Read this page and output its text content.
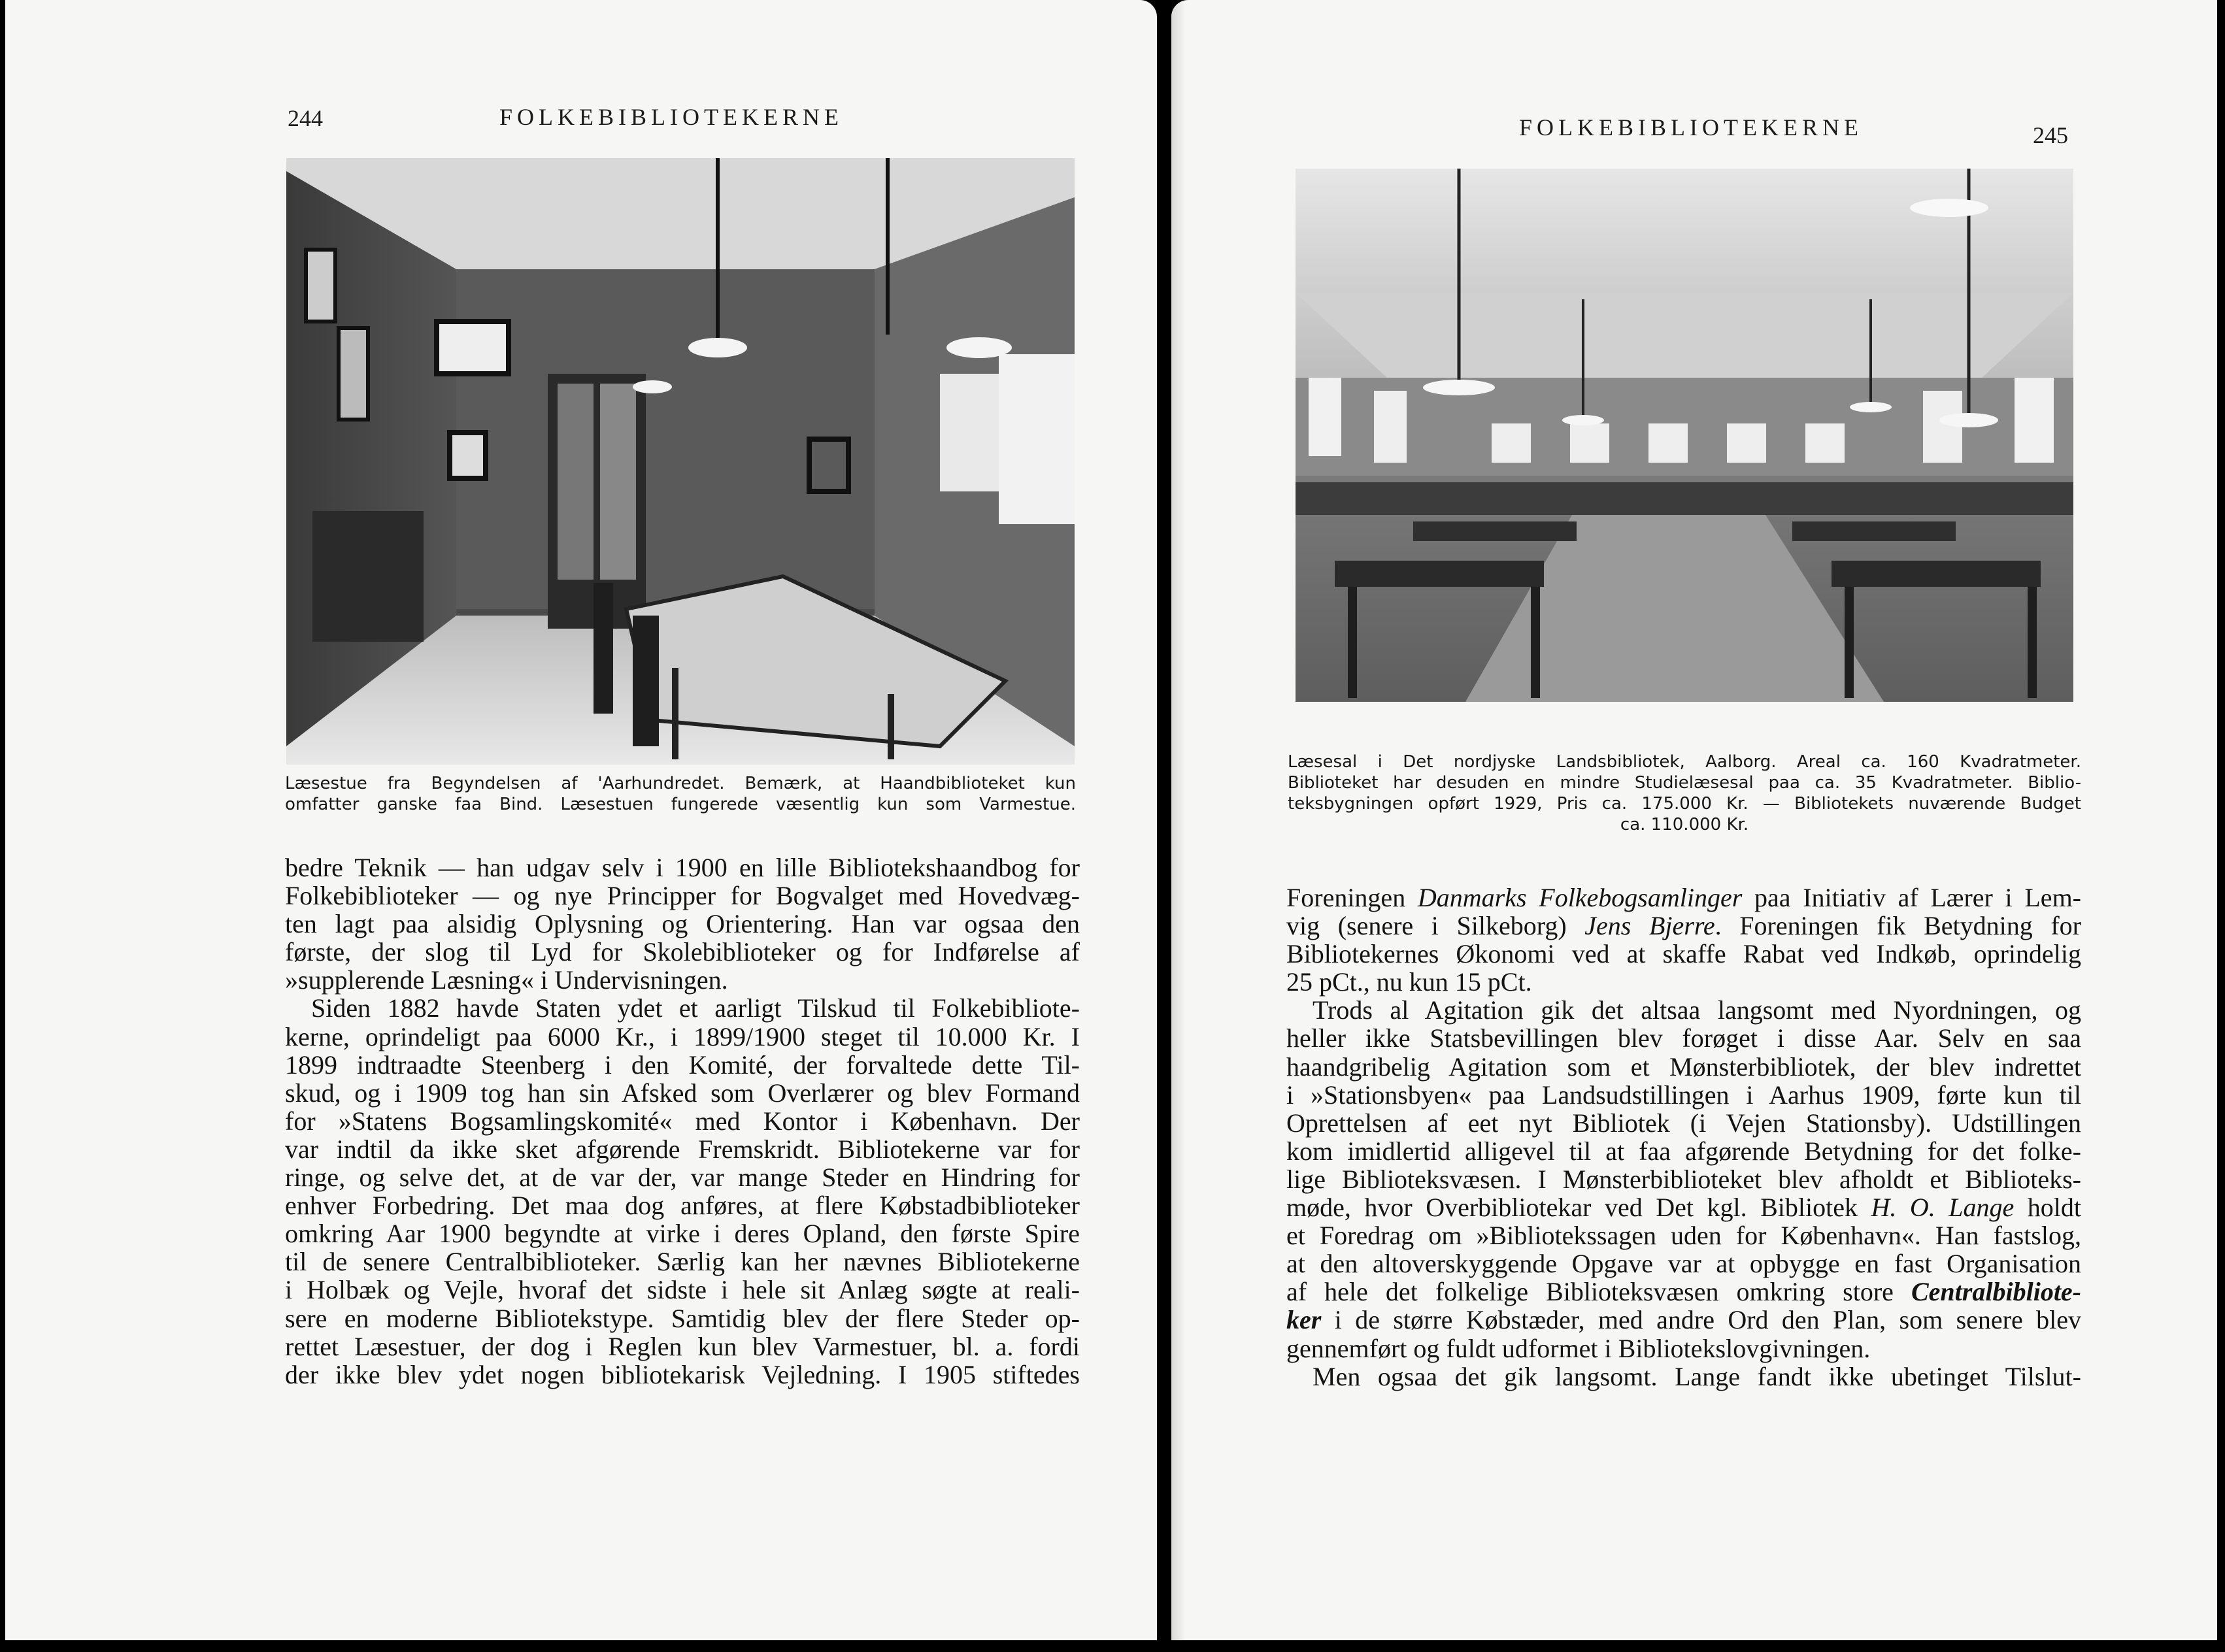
244	FOLKEBIBLIOTEKERNE
Læsestue fra Begyndelsen af 'Aarhundredet. Bemærk, at Haandbiblioteket kun
omfatter ganske faa Bind. Læsestuen fungerede væsentlig kun som Varmestue.
bedre Teknik — han udgav selv i 1900 en lille Bibliotekshaandbog for
Folkebiblioteker — og nye Principper for Bogvalget med Hovedvæg-
ten lagt paa alsidig Oplysning og Orientering. Han var ogsaa den
første, der slog til Lyd for Skolebiblioteker og for Indførelse af
»supplerende Læsning« i Undervisningen.
Siden 1882 havde Staten ydet et aarligt Tilskud til Folkebibliote-
kerne, oprindeligt paa 6000 Kr., i 1899/1900 steget til 10.000 Kr. I
1899 indtraadte Steenberg i den Komité, der forvaltede dette Til-
skud, og i 1909 tog han sin Afsked som Overlærer og blev Formand
for »Statens Bogsamlingskomité« med Kontor i København. Der
var indtil da ikke sket afgørende Fremskridt. Bibliotekerne var for
ringe, og selve det, at de var der, var mange Steder en Hindring for
enhver Forbedring. Det maa dog anføres, at flere Købstadbiblioteker
omkring Aar 1900 begyndte at virke i deres Opland, den første Spire
til de senere Centralbiblioteker. Særlig kan her nævnes Bibliotekerne
i Holbæk og Vejle, hvoraf det sidste i hele sit Anlæg søgte at reali-
sere en moderne Bibliotekstype. Samtidig blev der flere Steder op-
rettet Læsestuer, der dog i Reglen kun blev Varmestuer, bl. a. fordi
der ikke blev ydet nogen bibliotekarisk Vejledning. I 1905 stiftedes
FOLKEBIBLIOTEKERNE	245
Læsesal i Det nordjyske Landsbibliotek, Aalborg. Areal ca. 160 Kvadratmeter.
Biblioteket har desuden en mindre Studielæsesal paa ca. 35 Kvadratmeter. Biblio-
teksbygningen opført 1929, Pris ca. 175.000 Kr. — Bibliotekets nuværende Budget
ca. 110.000 Kr.
Foreningen Danmarks Folkebogsamlinger paa Initiativ af Lærer i Lem-
vig (senere i Silkeborg) Jens Bjerre. Foreningen fik Betydning for
Bibliotekernes Økonomi ved at skaffe Rabat ved Indkøb, oprindelig
25 pCt., nu kun 15 pCt.
Trods al Agitation gik det altsaa langsomt med Nyordningen, og
heller ikke Statsbevillingen blev forøget i disse Aar. Selv en saa
haandgribelig Agitation som et Mønsterbibliotek, der blev indrettet
i »Stationsbyen« paa Landsudstillingen i Aarhus 1909, førte kun til
Oprettelsen af eet nyt Bibliotek (i Vejen Stationsby). Udstillingen
kom imidlertid alligevel til at faa afgørende Betydning for det folke-
lige Biblioteksvæsen. I Mønsterbiblioteket blev afholdt et Biblioteks-
møde, hvor Overbibliotekar ved Det kgl. Bibliotek H. O. Lange holdt
et Foredrag om »Bibliotekssagen uden for København«. Han fastslog,
at den altoverskyggende Opgave var at opbygge en fast Organisation
af hele det folkelige Biblioteksvæsen omkring store Centralbibliote-
ker i de større Købstæder, med andre Ord den Plan, som senere blev
gennemført og fuldt udformet i Bibliotekslovgivningen.
Men ogsaa det gik langsomt. Lange fandt ikke ubetinget Tilslut-
